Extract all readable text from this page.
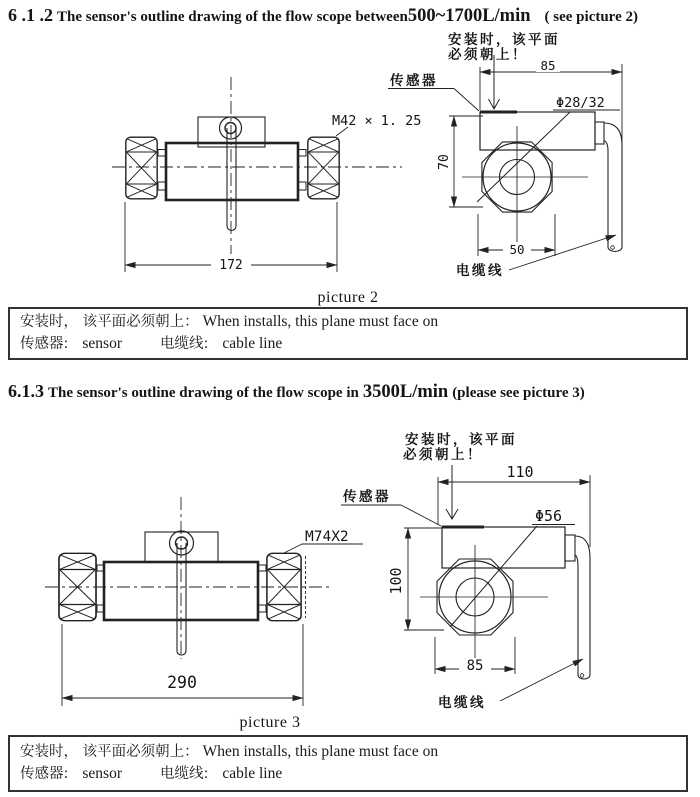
6 .1 .2 The sensor's outline drawing of the flow scope between500~1700L/min ( see picture 2)
172
M42 × 1. 25
安装时，该平面
必须朝上！
85
传感器
Φ28/32
70
50
电缆线
picture 2
安装时， 该平面必须朝上： When installs, this plane must face on
传感器: sensor	电缆线: cable line
6.1.3 The sensor's outline drawing of the flow scope in 3500L/min (please see picture 3)
M74X2
290
安装时，该平面
必须朝上！
110
传感器
Φ56
100
85
电缆线
picture 3
安装时， 该平面必须朝上： When installs, this plane must face on
传感器: sensor	电缆线: cable line
